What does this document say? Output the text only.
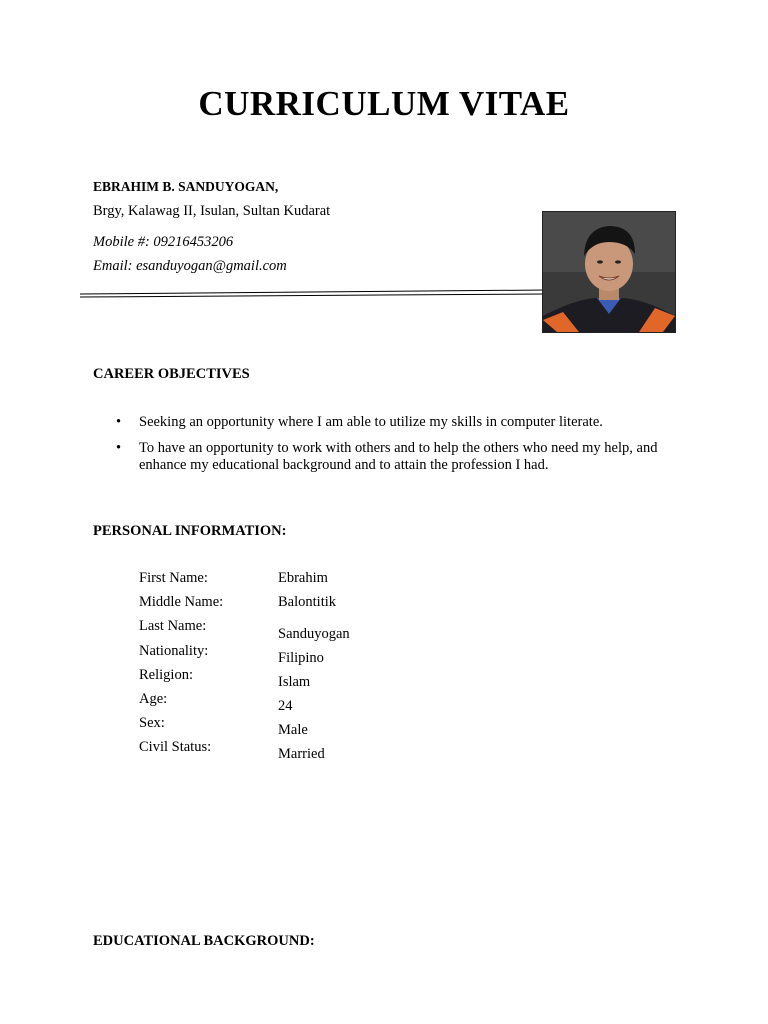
CURRICULUM VITAE
EBRAHIM B. SANDUYOGAN,
Brgy, Kalawag II, Isulan, Sultan Kudarat
Mobile #: 09216453206
Email: esanduyogan@gmail.com
CAREER OBJECTIVES
• Seeking an opportunity where I am able to utilize my skills in computer literate.
• To have an opportunity to work with others and to help the others who need my help, and enhance my educational background and to attain the profession I had.
PERSONAL INFORMATION:
First Name:
Middle Name:
Last Name:
Nationality:
Religion:
Age:
Sex:
Civil Status:
Ebrahim
Balontitik
Sanduyogan
Filipino
Islam
24
Male
Married
EDUCATIONAL BACKGROUND:
